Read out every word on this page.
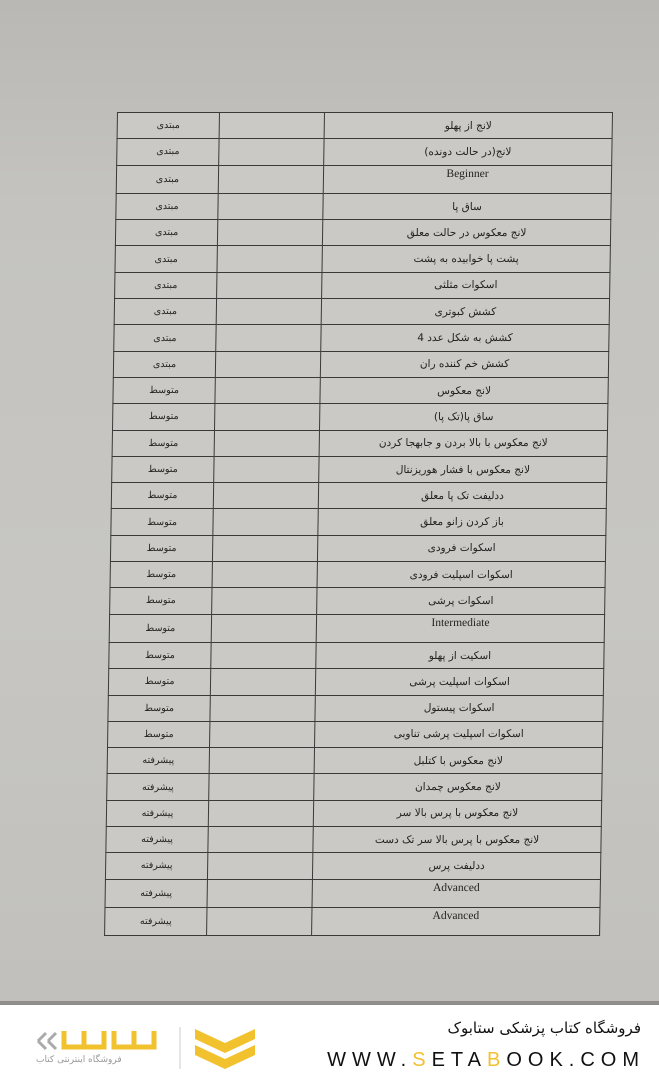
مبتدی		لانج از پهلو
مبتدی		لانج(در حالت دونده)
مبتدی		Beginner
مبتدی		ساق پا
مبتدی		لانج معکوس در حالت معلق
مبتدی		پشت پا خوابیده به پشت
مبتدی		اسکوات مثلثی
مبتدی		کشش کبوتری
مبتدی		کشش به شکل عدد 4
مبتدی		کشش خم کننده ران
متوسط		لانج معکوس
متوسط		ساق پا(تک پا)
متوسط		لانج معکوس با بالا بردن و جابهجا کردن
متوسط		لانج معکوس با فشار هوریزنتال
متوسط		ددلیفت تک پا معلق
متوسط		باز کردن زانو معلق
متوسط		اسکوات فرودی
متوسط		اسکوات اسپلیت فرودی
متوسط		اسکوات پرشی
متوسط		Intermediate
متوسط		اسکیت از پهلو
متوسط		اسکوات اسپلیت پرشی
متوسط		اسکوات پیستول
متوسط		اسکوات اسپلیت پرشی تناوبی
پیشرفته		لانج معکوس با کتلبل
پیشرفته		لانج معکوس چمدان
پیشرفته		لانج معکوس با پرس بالا سر
پیشرفته		لانج معکوس با پرس بالا سر تک دست
پیشرفته		ددلیفت پرس
پیشرفته		Advanced
پیشرفته		Advanced
فروشگاه اینترنتی کتاب
فروشگاه کتاب پزشکی ستابوک
WWW.SETABOOK.COM
